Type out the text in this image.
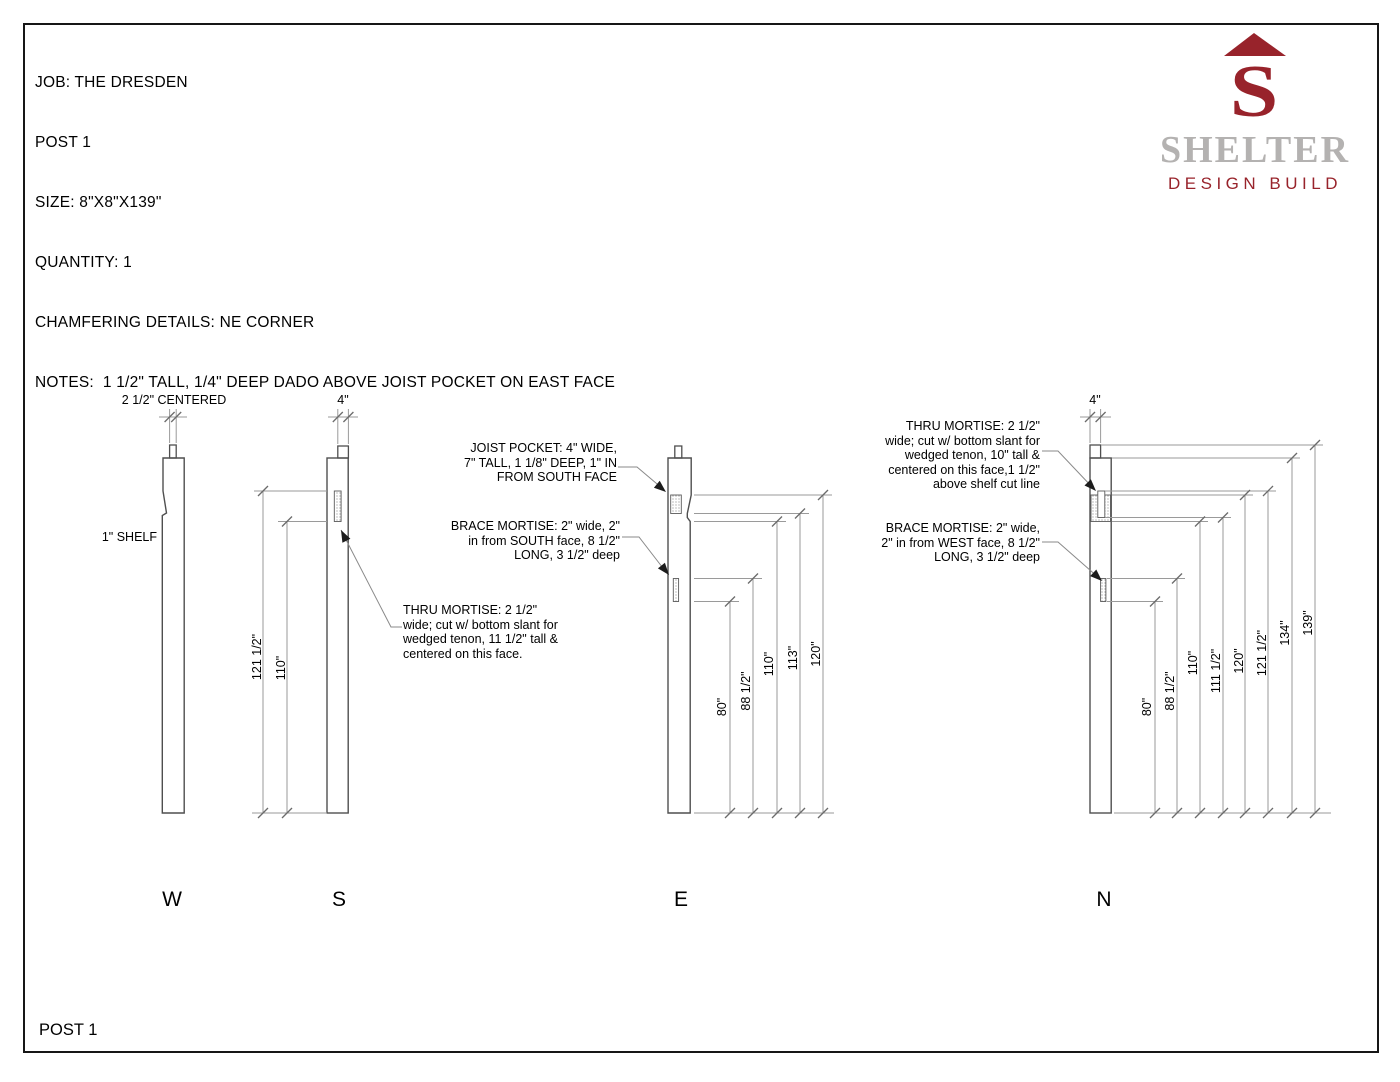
JOB: THE DRESDEN

POST 1

SIZE: 8"X8"X139"

QUANTITY: 1

CHAMFERING DETAILS: NE CORNER

NOTES:  1 1/2" TALL, 1/4" DEEP DADO ABOVE JOIST POCKET ON EAST FACE

S
SHELTER
DESIGN BUILD
2 1/2" CENTERED
1" SHELF
W
4"
121 1/2" 110"
S
80" 88 1/2"
110" 113" 120"
E
4"
80" 88 1/2"
110" 111 1/2" 120" 121 1/2" 134" 139"
N
JOIST POCKET: 4" WIDE,
7" TALL, 1 1/8" DEEP, 1" IN
FROM SOUTH FACE
BRACE MORTISE: 2" wide, 2"
in from SOUTH face, 8 1/2"
LONG, 3 1/2" deep
THRU MORTISE: 2 1/2"
wide; cut w/ bottom slant for
wedged tenon, 11 1/2" tall &
centered on this face.
THRU MORTISE: 2 1/2"
wide; cut w/ bottom slant for
wedged tenon, 10" tall &
centered on this face,1 1/2"
above shelf cut line
BRACE MORTISE: 2" wide,
2" in from WEST face, 8 1/2"
LONG, 3 1/2" deep
POST 1
